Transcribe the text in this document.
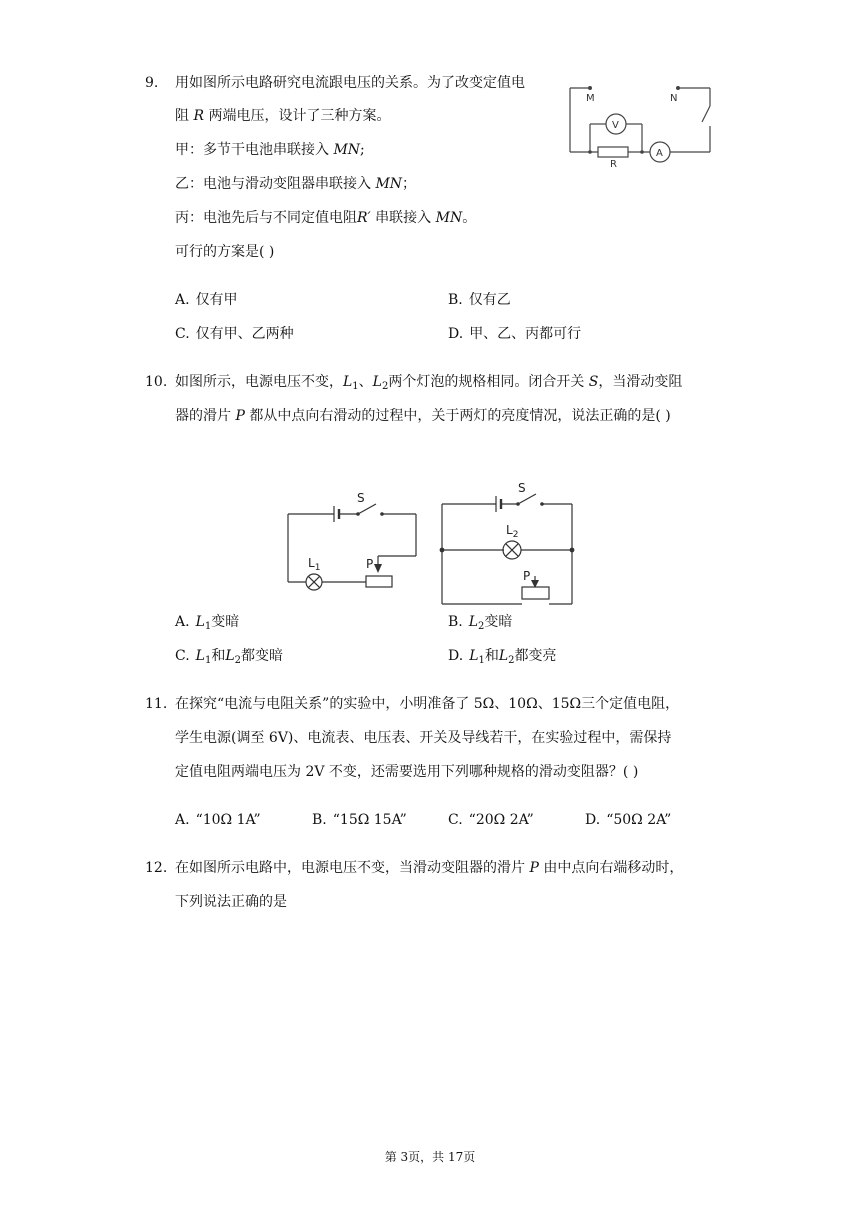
9. 用如图所示电路研究电流跟电压的关系。为了改变定值电
阻 R 两端电压，设计了三种方案。
甲：多节干电池串联接入 MN;
乙：电池与滑动变阻器串联接入 MN；
丙：电池先后与不同定值电阻R′ 串联接入 MN。
可行的方案是( )
M	N
V
A
R
A. 仅有甲	B. 仅有乙
C. 仅有甲、乙两种	D. 甲、乙、丙都可行
10. 如图所示，电源电压不变，$L_1$、$L_2$两个灯泡的规格相同。闭合开关 S，当滑动变阻
器的滑片 P 都从中点向右滑动的过程中，关于两灯的亮度情况，说法正确的是( )
S
$L_1$	P
S
$L_2$
P
A. $L_1$变暗	B. $L_2$变暗
C. $L_1$和$L_2$都变暗	D. $L_1$和$L_2$都变亮
11. 在探究“电流与电阻关系”的实验中，小明准备了 5Ω、10Ω、15Ω三个定值电阻，
学生电源(调至 6V)、电流表、电压表、开关及导线若干，在实验过程中，需保持
定值电阻两端电压为 2V 不变，还需要选用下列哪种规格的滑动变阻器？( )
A. “10Ω 1A”	B. “15Ω 15A”	C. “20Ω 2A”	D. “50Ω 2A”
12. 在如图所示电路中，电源电压不变，当滑动变阻器的滑片 P 由中点向右端移动时，
下列说法正确的是
第 3页，共 17页
